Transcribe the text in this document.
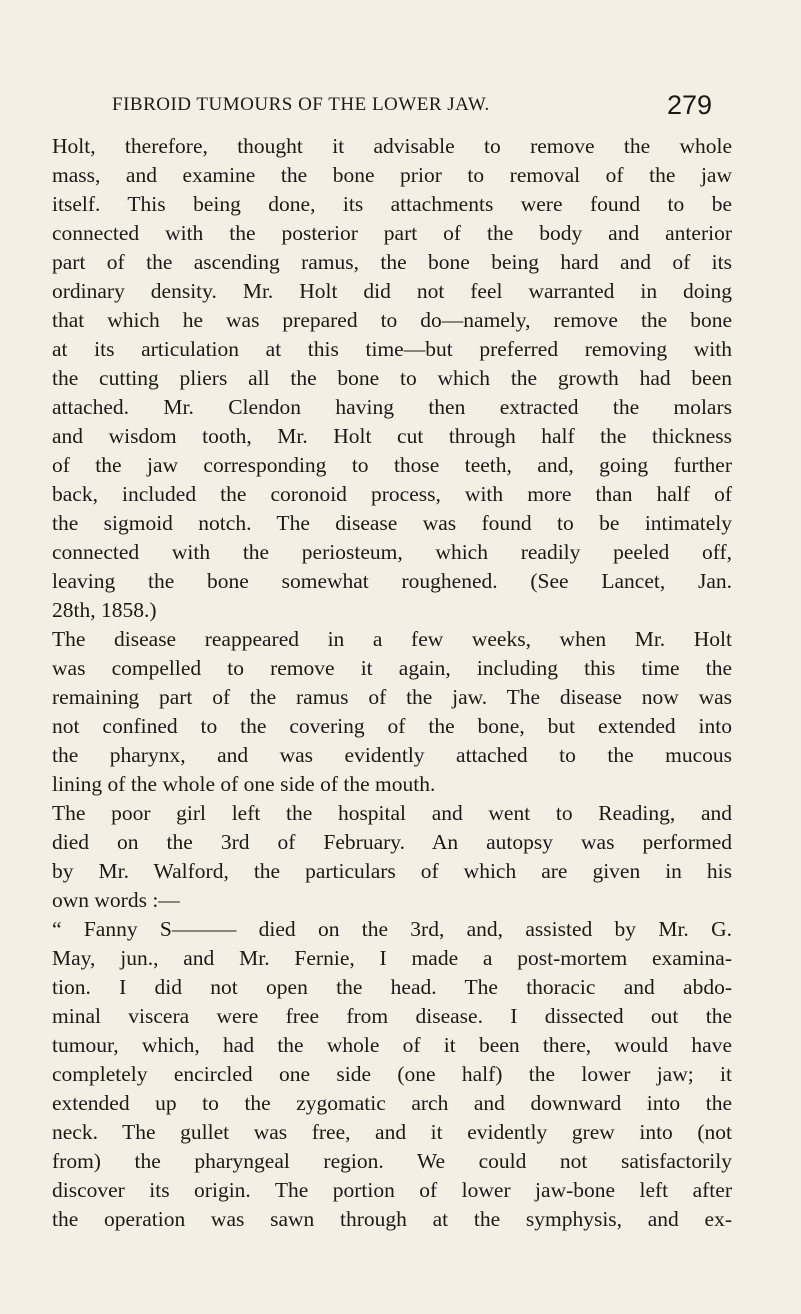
FIBROID TUMOURS OF THE LOWER JAW.	279
Holt, therefore, thought it advisable to remove the whole
mass, and examine the bone prior to removal of the jaw
itself. This being done, its attachments were found to be
connected with the posterior part of the body and anterior
part of the ascending ramus, the bone being hard and of its
ordinary density. Mr. Holt did not feel warranted in doing
that which he was prepared to do—namely, remove the bone
at its articulation at this time—but preferred removing with
the cutting pliers all the bone to which the growth had been
attached. Mr. Clendon having then extracted the molars
and wisdom tooth, Mr. Holt cut through half the thickness
of the jaw corresponding to those teeth, and, going further
back, included the coronoid process, with more than half of
the sigmoid notch. The disease was found to be intimately
connected with the periosteum, which readily peeled off,
leaving the bone somewhat roughened. (See Lancet, Jan.
28th, 1858.)
The disease reappeared in a few weeks, when Mr. Holt
was compelled to remove it again, including this time the
remaining part of the ramus of the jaw. The disease now was
not confined to the covering of the bone, but extended into
the pharynx, and was evidently attached to the mucous
lining of the whole of one side of the mouth.
The poor girl left the hospital and went to Reading, and
died on the 3rd of February. An autopsy was performed
by Mr. Walford, the particulars of which are given in his
own words :—
“ Fanny S——— died on the 3rd, and, assisted by Mr. G.
May, jun., and Mr. Fernie, I made a post-mortem examina-
tion. I did not open the head. The thoracic and abdo-
minal viscera were free from disease. I dissected out the
tumour, which, had the whole of it been there, would have
completely encircled one side (one half) the lower jaw; it
extended up to the zygomatic arch and downward into the
neck. The gullet was free, and it evidently grew into (not
from) the pharyngeal region. We could not satisfactorily
discover its origin. The portion of lower jaw-bone left after
the operation was sawn through at the symphysis, and ex-
